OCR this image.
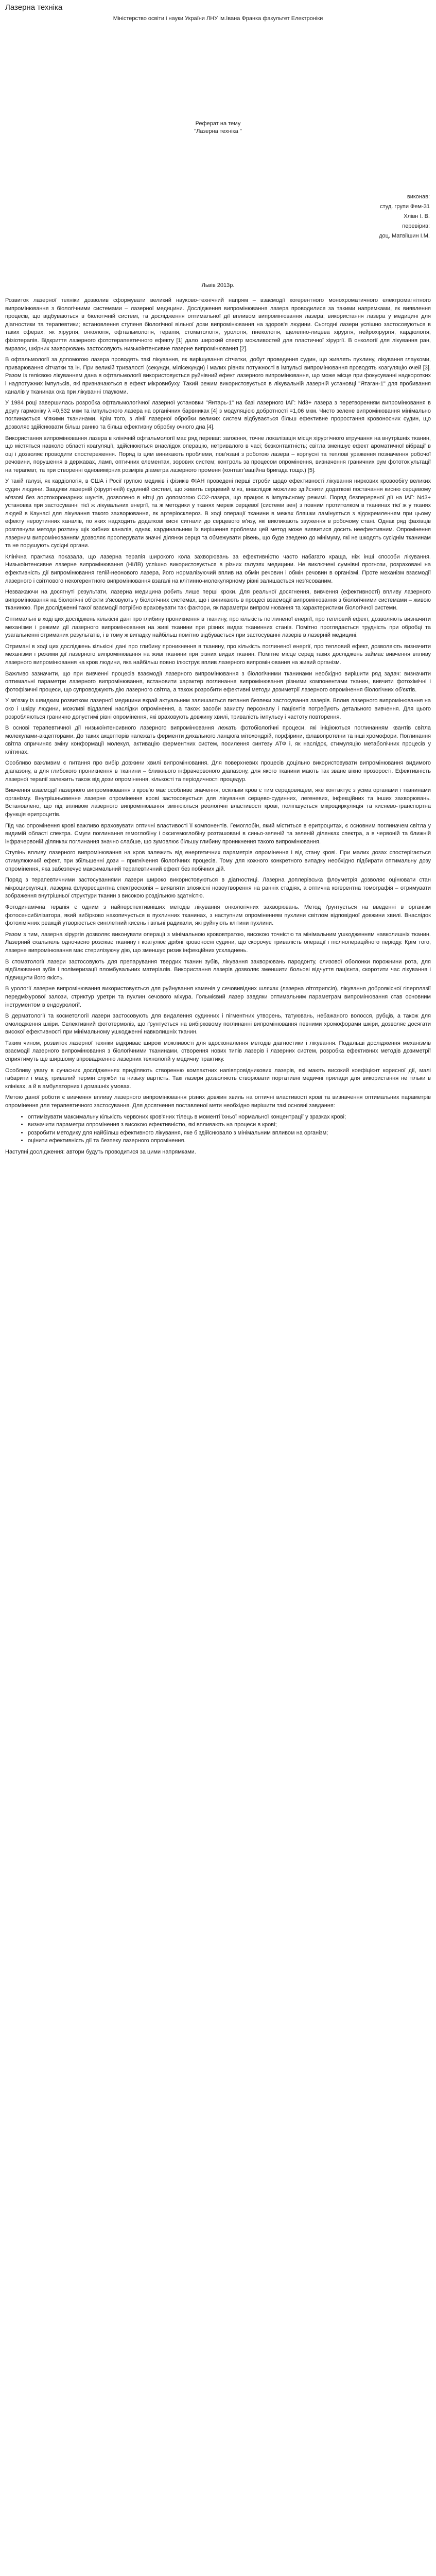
Лазерна техніка

Міністерство освіти і науки України ЛНУ ім.Івана Франка факультет Електроніки

Реферат на тему
"Лазерна техніка "

виконав:
студ. групи Фем-31
Хлівн І. В.
перевірив:
доц. Матвіїшин І.М.

Львів 2013р.

Розвиток лазерної техніки дозволив сформувати великий науково-технічний напрям – взаємодії когерентного монохроматичного електромагнітного випромінювання з біологічними системами – лазерної медицини. Дослідження випромінювання лазера проводилися за такими напрямками, як виявлення процесів, що відбуваються в біологічній системі, та дослідження оптимальної дії впливом випромінювання лазера; використання лазера у медицині для діагностики та терапевтики; встановлення ступеня біологічної вільної дози випромінювання на здоров'я людини. Сьогодні лазери успішно застосовуються в таких сферах, як хірургія, онкологія, офтальмологія, терапія, стоматологія, урологія, гінекологія, щелепно-лицева хірургія, нейрохірургія, кардіологія, фізіотерапія. Відкриття лазерного фототерапевтичного ефекту [1] дало широкий спектр можливостей для пластичної хірургії. В онкології для лікування ран, виразок, шкірних захворювань застосовують низькоінтенсивне лазерне випромінювання [2].

В офтальмології за допомогою лазера проводять такі лікування, як вирішування сітчатки, добут проведення судин, що живлять пухлину, лікування глаукоми, приварювання сітчатки та ін. При великій тривалості (секунди, мілісекунди) і малих рівнях потужності в імпульсі випромінювання проводять коагуляцію очей [3]. Разом із гелієвою лікуванням дана в офтальмології використовується руйнівний ефект лазерного випромінювання, що може місце при фокусуванні надкоротких і надпотужних імпульсів, які призначаються в ефект мікровибуху. Такий режим використовується в лікувальній лазерній установці "Ятаган-1" для пробивання каналів у тканинах ока при лікуванні глаукоми.

У 1984 році завершилась розробка офтальмологічної лазерної установки "Янтарь-1" на базі лазерного ІАГ: Nd3+ лазера з перетворенням випромінювання в другу гармоніку λ =0,532 мкм та імпульсного лазера на органічних барвниках [4] з модуляцією добротності =1,06 мкм. Чисто зелене випромінювання мінімально поглинається м'якими тканинами. Крім того, з лінії лазерної обробки великих систем відбувається більш ефективне проростання кровоносних судин, що дозволяє здійснювати більш ранню та більш ефективну обробку очного дна [4].

Використання випромінювання лазера в клінічній офтальмології має ряд переваг: загоєння, точне локалізація місця хірургічного втручання на внутрішніх тканин, що містяться навколо області коагуляції, здійснюються внаслідок операцію, нетривалого в часі; безконтактність; світла зменшує ефект ароматичної вібрації в оці і дозволяє проводити спостереження. Поряд із цим виникають проблеми, пов'язані з роботою лазера – корпусні та теплові ураження позначення робочої речовини, порушення в державах, ламп, оптичних елементах, зорових систем; контроль за процесом опромінення, визначення граничних рум фототок'ультації на терапевт, та при створенні одновимірних розмірів діаметра лазерного променя (контакт'ваційна бригада тощо.) [5].

У такій галузі, як кардіологія, в США і Росії групою медиків і фізиків ФІАН проведені перші строби щодо ефективності лікування ниркових кровообігу великих судин людини. Завдяки лазерній (хірургічній) судинній системі, що живить серцевий м'яз, внаслідок можливо здійснити додаткові постачання кисню серцевому м'язові без аортокоронарних шунтів, дозволено в нітці до допомогою СО2-лазера, що працює в імпульсному режимі. Поряд безперервної дії на ІАГ: Nd3+ установка при застосуванні тієї ж лікувальних енергії, та ж методики у тканях мереж серцевої (системи вен) з повним протитолком в тканинах тієї ж у тканях людей в Каунасі для лікування такого захворювання, як артеріосклероз. В ході операції тканини в межах бляшки ламінується з відокремленням при цьому ефекту нероутинних каналів, по яких надходить додаткові кисні сигнали до серцевого м'язу, які викликають звуження в робочому стані. Однак ряд фахівців розглянули методи розтину щік хибних каналів, однак, кардинальним їх вирішення проблеми цей метод може виявитися досить неефективним. Опромінення лазерним випромінюванням дозволяє прооперувати значні ділянки серця та обмежувати рівень, що буде зведено до мінімуму, які не шкодять сусіднім тканинам та не порушують сусідні органи.

Клінічна практика показала, що лазерна терапія широкого кола захворювань за ефективністю часто набагато краща, ніж інші способи лікування. Низькоінтенсивне лазерне випромінювання (НІЛВ) успішно використовується в різних галузях медицини. Не виключені сумнівні прогнози, розраховані на ефективність дії випромінювання гелій-неонового лазера, його нормалізуючий вплив на обмін речовин і обмін речовин в організмі. Проте механізм взаємодії лазерного і світлового некогерентного випромінювання взагалі на клітинно-молекулярному рівні залишається нез'ясованим.

Незважаючи на досягнуті результати, лазерна медицина робить лише перші кроки. Для реальної досягнення, вивчення (ефективності) впливу лазерного випромінювання на біологічні об'єкти з'ясовують у біологічних системах, що і виникають в процесі взаємодії випромінювання з біологічними системами – живою тканиною. При дослідженні такої взаємодії потрібно враховувати так фактори, як параметри випромінювання та характеристики біологічної системи.

Оптимальні в ході цих досліджень кількісні дані про глибину проникнення в тканину, про кількість поглиненої енергії, про тепловий ефект, дозволяють визначити механізми і режими дії лазерного випромінювання на живі тканини при різних видах тканинних станів. Помітно проглядається трудність при обробці та узагальненні отриманих результатів, і в тому ж випадку найбільш помітно відбувається при застосуванні лазерів в лазерній медицині.

Отримані в ході цих досліджень кількісні дані про глибину проникнення в тканину, про кількість поглиненої енергії, про тепловий ефект, дозволяють визначити механізми і режими дії лазерного випромінювання на живі тканини при різних видах тканин. Помітне місце серед таких досліджень займає вивчення впливу лазерного випромінювання на кров людини, яка найбільш повно ілюструє вплив лазерного випромінювання на живий організм.

Важливо зазначити, що при вивченні процесів взаємодії лазерного випромінювання з біологічними тканинами необхідно вирішити ряд задач: визначити оптимальні параметри лазерного випромінювання, встановити характер поглинання випромінювання різними компонентами тканин, вивчити фотохімічні і фотофізичні процеси, що супроводжують дію лазерного світла, а також розробити ефективні методи дозиметрії лазерного опромінення біологічних об'єктів.

У зв'язку із швидким розвитком лазерної медицини вкрай актуальним залишається питання безпеки застосування лазерів. Вплив лазерного випромінювання на око і шкіру людини, можливі віддалені наслідки опромінення, а також засоби захисту персоналу і пацієнтів потребують детального вивчення. Для цього розробляються гранично допустимі рівні опромінення, які враховують довжину хвилі, тривалість імпульсу і частоту повторення.

В основі терапевтичної дії низькоінтенсивного лазерного випромінювання лежать фотобіологічні процеси, які ініціюються поглинанням квантів світла молекулами-акцепторами. До таких акцепторів належать ферменти дихального ланцюга мітохондрій, порфірини, флавопротеїни та інші хромофори. Поглинання світла спричиняє зміну конформації молекул, активацію ферментних систем, посилення синтезу АТФ і, як наслідок, стимуляцію метаболічних процесів у клітинах.

Особливо важливим є питання про вибір довжини хвилі випромінювання. Для поверхневих процесів доцільно використовувати випромінювання видимого діапазону, а для глибокого проникнення в тканини – ближнього інфрачервоного діапазону, для якого тканини мають так зване вікно прозорості. Ефективність лазерної терапії залежить також від дози опромінення, кількості та періодичності процедур.

Вивчення взаємодії лазерного випромінювання з кров'ю має особливе значення, оскільки кров є тим середовищем, яке контактує з усіма органами і тканинами організму. Внутрішньовенне лазерне опромінення крові застосовується для лікування серцево-судинних, легеневих, інфекційних та інших захворювань. Встановлено, що під впливом лазерного випромінювання змінюються реологічні властивості крові, поліпшується мікроциркуляція та киснево-транспортна функція еритроцитів.

Під час опромінення крові важливо враховувати оптичні властивості її компонентів. Гемоглобін, який міститься в еритроцитах, є основним поглиначем світла у видимій області спектра. Смуги поглинання гемоглобіну і оксигемоглобіну розташовані в синьо-зеленій та зеленій ділянках спектра, а в червоній та ближній інфрачервоній ділянках поглинання значно слабше, що зумовлює більшу глибину проникнення такого випромінювання.

Ступінь впливу лазерного випромінювання на кров залежить від енергетичних параметрів опромінення і від стану крові. При малих дозах спостерігається стимулюючий ефект, при збільшенні дози – пригнічення біологічних процесів. Тому для кожного конкретного випадку необхідно підбирати оптимальну дозу опромінення, яка забезпечує максимальний терапевтичний ефект без побічних дій.

Поряд з терапевтичними застосуваннями лазери широко використовуються в діагностиці. Лазерна доплерівська флоуметрія дозволяє оцінювати стан мікроциркуляції, лазерна флуоресцентна спектроскопія – виявляти злоякісні новоутворення на ранніх стадіях, а оптична когерентна томографія – отримувати зображення внутрішньої структури тканин з високою роздільною здатністю.

Фотодинамічна терапія є одним з найперспективніших методів лікування онкологічних захворювань. Метод ґрунтується на введенні в організм фотосенсибілізатора, який вибірково накопичується в пухлинних тканинах, з наступним опроміненням пухлини світлом відповідної довжини хвилі. Внаслідок фотохімічних реакцій утворюється синглетний кисень і вільні радикали, які руйнують клітини пухлини.

Разом з тим, лазерна хірургія дозволяє виконувати операції з мінімальною крововтратою, високою точністю та мінімальним ушкодженням навколишніх тканин. Лазерний скальпель одночасно розсікає тканину і коагулює дрібні кровоносні судини, що скорочує тривалість операції і післяопераційного періоду. Крім того, лазерне випромінювання має стерилізуючу дію, що зменшує ризик інфекційних ускладнень.

В стоматології лазери застосовують для препарування твердих тканин зубів, лікування захворювань пародонту, слизової оболонки порожнини рота, для відбілювання зубів і полімеризації пломбувальних матеріалів. Використання лазерів дозволяє зменшити больові відчуття пацієнта, скоротити час лікування і підвищити його якість.

В урології лазерне випромінювання використовується для руйнування каменів у сечовивідних шляхах (лазерна літотрипсія), лікування доброякісної гіперплазії передміхурової залози, стриктур уретри та пухлин сечового міхура. Гольмієвий лазер завдяки оптимальним параметрам випромінювання став основним інструментом в ендоурології.

В дерматології та косметології лазери застосовують для видалення судинних і пігментних утворень, татуювань, небажаного волосся, рубців, а також для омолодження шкіри. Селективний фототермоліз, що ґрунтується на вибірковому поглинанні випромінювання певними хромофорами шкіри, дозволяє досягати високої ефективності при мінімальному ушкодженні навколишніх тканин.

Таким чином, розвиток лазерної техніки відкриває широкі можливості для вдосконалення методів діагностики і лікування. Подальші дослідження механізмів взаємодії лазерного випромінювання з біологічними тканинами, створення нових типів лазерів і лазерних систем, розробка ефективних методів дозиметрії сприятимуть ще ширшому впровадженню лазерних технологій у медичну практику.

Особливу увагу в сучасних дослідженнях приділяють створенню компактних напівпровідникових лазерів, які мають високий коефіцієнт корисної дії, малі габарити і масу, тривалий термін служби та низьку вартість. Такі лазери дозволяють створювати портативні медичні прилади для використання не тільки в клініках, а й в амбулаторних і домашніх умовах.

Метою даної роботи є вивчення впливу лазерного випромінювання різних довжин хвиль на оптичні властивості крові та визначення оптимальних параметрів опромінення для терапевтичного застосування. Для досягнення поставленої мети необхідно вирішити такі основні завдання:

• оптимізувати максимальну кількість червоних кров'яних тілець в моменті їхньої нормальної концентрації у зразках крові;
• визначити параметри опромінення з високою ефективністю, які впливають на процеси в крові;
• розробити методику для найбільш ефективного лікування, яке б здійснювало з мінімальним впливом на організм;
• оцінити ефективність дії та безпеку лазерного опромінення.

Наступні дослідження: автори будуть проводитися за цими напрямками.
